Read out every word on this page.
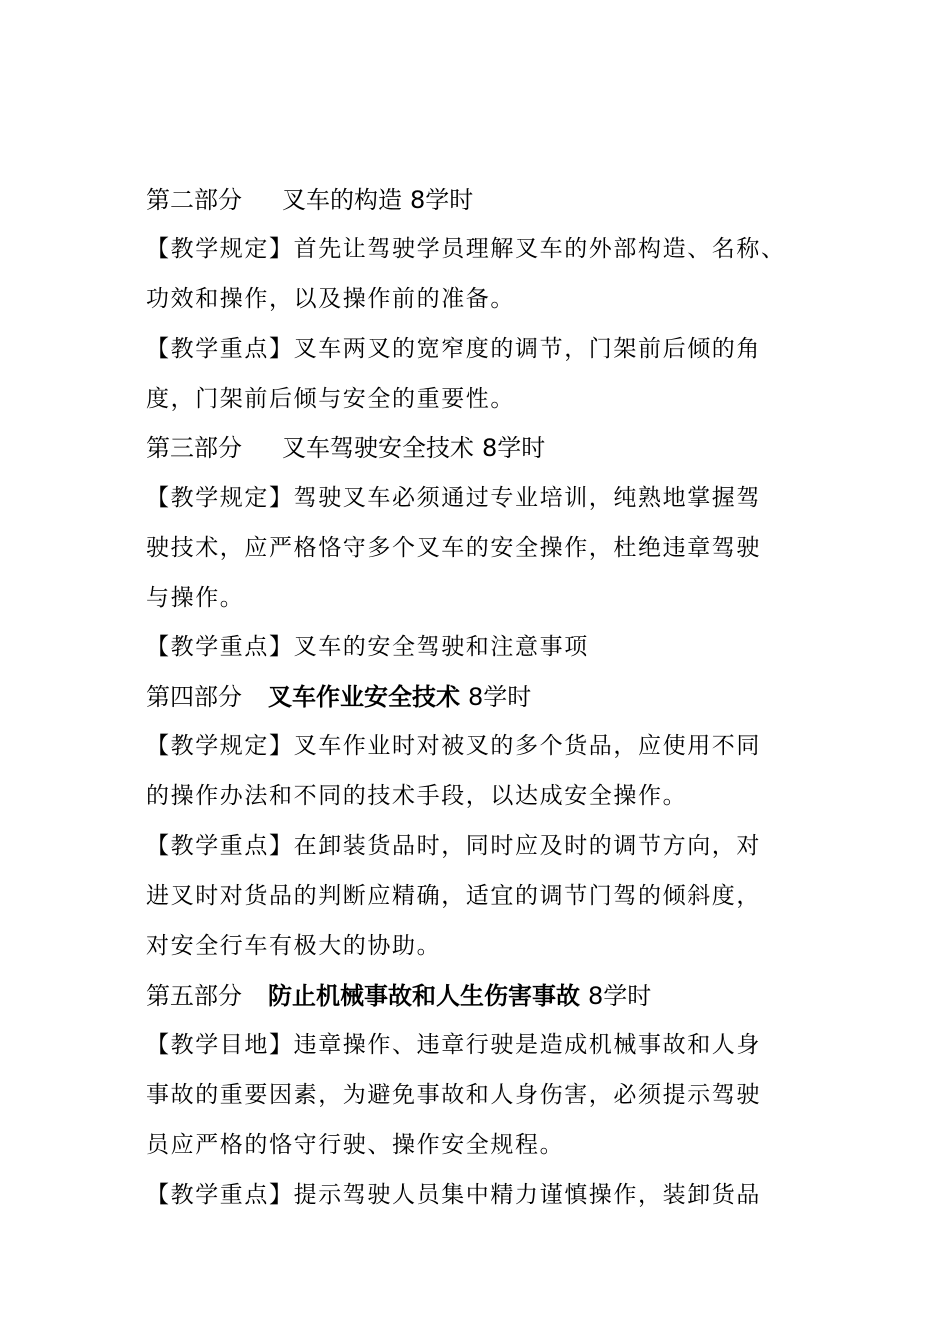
第二部分 叉车的构造 8学时
【教学规定】首先让驾驶学员理解叉车的外部构造、名称、
功效和操作，以及操作前的准备。
【教学重点】叉车两叉的宽窄度的调节，门架前后倾的角
度，门架前后倾与安全的重要性。
第三部分 叉车驾驶安全技术 8学时
【教学规定】驾驶叉车必须通过专业培训，纯熟地掌握驾
驶技术，应严格恪守多个叉车的安全操作，杜绝违章驾驶
与操作。
【教学重点】叉车的安全驾驶和注意事项
第四部分 叉车作业安全技术 8学时
【教学规定】叉车作业时对被叉的多个货品，应使用不同
的操作办法和不同的技术手段，以达成安全操作。
【教学重点】在卸装货品时，同时应及时的调节方向，对
进叉时对货品的判断应精确，适宜的调节门驾的倾斜度，
对安全行车有极大的协助。
第五部分 防止机械事故和人生伤害事故 8学时
【教学目地】违章操作、违章行驶是造成机械事故和人身
事故的重要因素，为避免事故和人身伤害，必须提示驾驶
员应严格的恪守行驶、操作安全规程。
【教学重点】提示驾驶人员集中精力谨慎操作，装卸货品
